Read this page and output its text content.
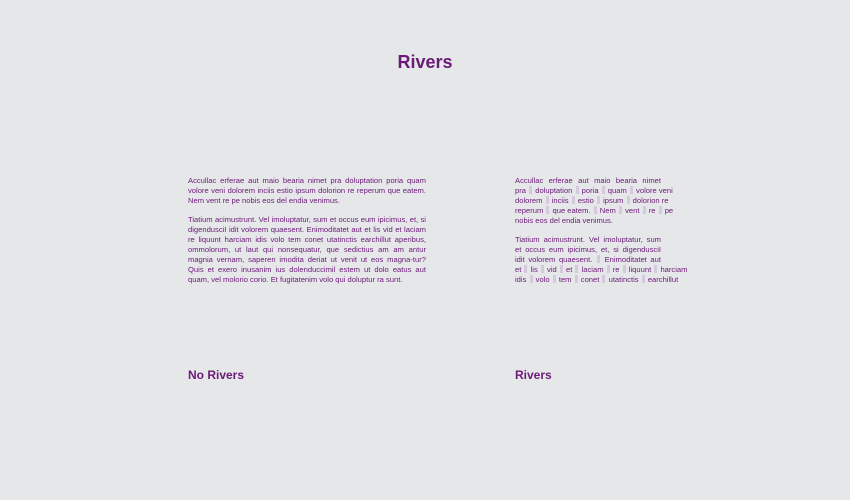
Rivers

Accullac erferae aut maio bearia nimet pra doluptation poria quam volore veni dolorem inciis estio ipsum dolorion re reperum que eatem. Nem vent re pe nobis eos del endia venimus.

Tiatium acimustrunt. Vel imoluptatur, sum et occus eum ipicimus, et, si digendusciI idit volorem quaesent. Enimoditatet aut et lis vid et laciam re liquunt harciam idis volo tem conet utatinctis earchillut aperibus, ommolorum, ut laut qui nonsequatur, que sedictius am am antur magnia vernam, saperen imodita deriat ut venit ut eos magna-tur? Quis et exero inusanim ius dolenduccimil estem ut dolo eatus aut quam, vel molorio corio. Et fugitatenim volo qui doluptur ra sunt.

Accullac erferae aut maio bearia nimet
pra doluptation poria quam volore veni
dolorem inciis estio ipsum dolorion re
reperum que eatem. Nem vent re pe
nobis eos del endia venimus.

Tiatium acimustrunt. Vel imoluptatur, sum
et occus eum ipicimus, et, si digendusciI
idit volorem quaesent. Enimoditatet aut
et lis vid et laciam re liquunt harciam
idis volo tem conet utatinctis earchillut

No Rivers	Rivers
